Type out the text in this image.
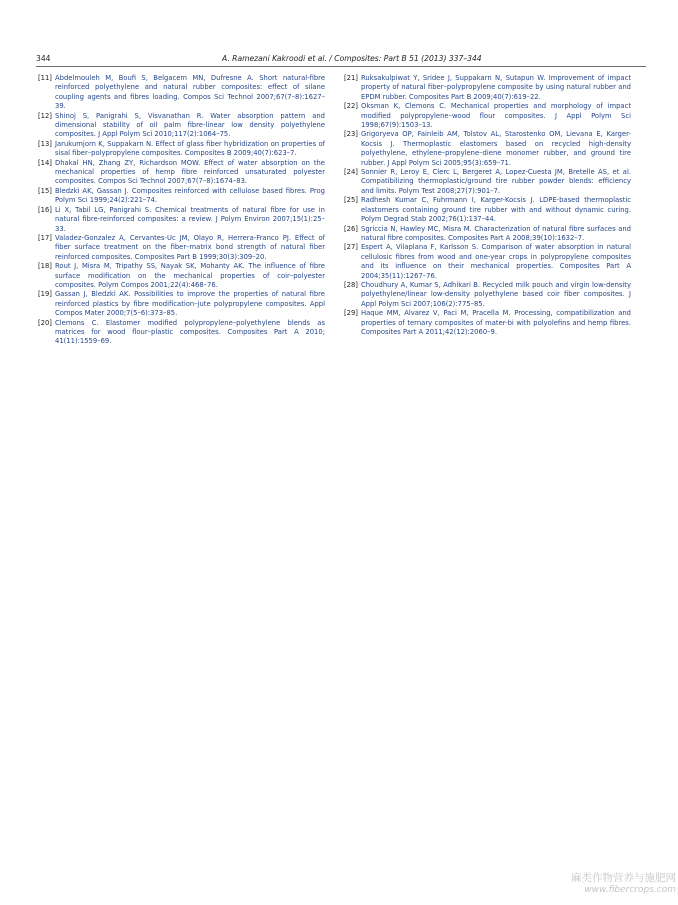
344	A. Ramezani Kakroodi et al. / Composites: Part B 51 (2013) 337–344
[11] Abdelmouleh M, Boufi S, Belgacem MN, Dufresne A. Short natural-fibre reinforced polyethylene and natural rubber composites: effect of silane coupling agents and fibres loading. Compos Sci Technol 2007;67(7–8):1627–39.
[12] Shinoj S, Panigrahi S, Visvanathan R. Water absorption pattern and dimensional stability of oil palm fibre-linear low density polyethylene composites. J Appl Polym Sci 2010;117(2):1064–75.
[13] Jarukumjorn K, Suppakarn N. Effect of glass fiber hybridization on properties of sisal fiber–polypropylene composites. Composites B 2009;40(7):623–7.
[14] Dhakal HN, Zhang ZY, Richardson MOW. Effect of water absorption on the mechanical properties of hemp fibre reinforced unsaturated polyester composites. Compos Sci Technol 2007;67(7–8):1674–83.
[15] Bledzki AK, Gassan J. Composites reinforced with cellulose based fibres. Prog Polym Sci 1999;24(2):221–74.
[16] Li X, Tabil LG, Panigrahi S. Chemical treatments of natural fibre for use in natural fibre-reinforced composites: a review. J Polym Environ 2007;15(1):25–33.
[17] Valadez-Gonzalez A, Cervantes-Uc JM, Olayo R, Herrera-Franco PJ. Effect of fiber surface treatment on the fiber–matrix bond strength of natural fiber reinforced composites. Composites Part B 1999;30(3):309–20.
[18] Rout J, Misra M, Tripathy SS, Nayak SK, Mohanty AK. The influence of fibre surface modification on the mechanical properties of coir–polyester composites. Polym Compos 2001;22(4):468–76.
[19] Gassan J, Bledzki AK. Possibilities to improve the properties of natural fibre reinforced plastics by fibre modification–jute polypropylene composites. Appl Compos Mater 2000;7(5–6):373–85.
[20] Clemons C. Elastomer modified polypropylene–polyethylene blends as matrices for wood flour–plastic composites. Composites Part A 2010; 41(11):1559–69.
[21] Ruksakulpiwat Y, Sridee J, Suppakarn N, Sutapun W. Improvement of impact property of natural fiber–polypropylene composite by using natural rubber and EPDM rubber. Composites Part B 2009;40(7):619–22.
[22] Oksman K, Clemons C. Mechanical properties and morphology of impact modified polypropylene–wood flour composites. J Appl Polym Sci 1998;67(9):1503–13.
[23] Grigoryeva OP, Fainleib AM, Tolstov AL, Starostenko OM, Lievana E, Karger-Kocsis J. Thermoplastic elastomers based on recycled high-density polyethylene, ethylene–propylene–diene monomer rubber, and ground tire rubber. J Appl Polym Sci 2005;95(3):659–71.
[24] Sonnier R, Leroy E, Clerc L, Bergeret A, Lopez-Cuesta JM, Bretelle AS, et al. Compatibilizing thermoplastic/ground tire rubber powder blends: efficiency and limits. Polym Test 2008;27(7):901–7.
[25] Radhesh Kumar C, Fuhrmann I, Karger-Kocsis J. LDPE-based thermoplastic elastomers containing ground tire rubber with and without dynamic curing. Polym Degrad Stab 2002;76(1):137–44.
[26] Sgriccia N, Hawley MC, Misra M. Characterization of natural fibre surfaces and natural fibre composites. Composites Part A 2008;39(10):1632–7.
[27] Espert A, Vilaplana F, Karlsson S. Comparison of water absorption in natural cellulosic fibres from wood and one-year crops in polypropylene composites and its influence on their mechanical properties. Composites Part A 2004;35(11):1267–76.
[28] Choudhury A, Kumar S, Adhikari B. Recycled milk pouch and virgin low-density polyethylene/linear low-density polyethylene based coir fiber composites. J Appl Polym Sci 2007;106(2):775–85.
[29] Haque MM, Alvarez V, Paci M, Pracella M. Processing, compatibilization and properties of ternary composites of mater-bi with polyolefins and hemp fibres. Composites Part A 2011;42(12):2060–9.
麻类作物营养与施肥网
www.fibercrops.com
